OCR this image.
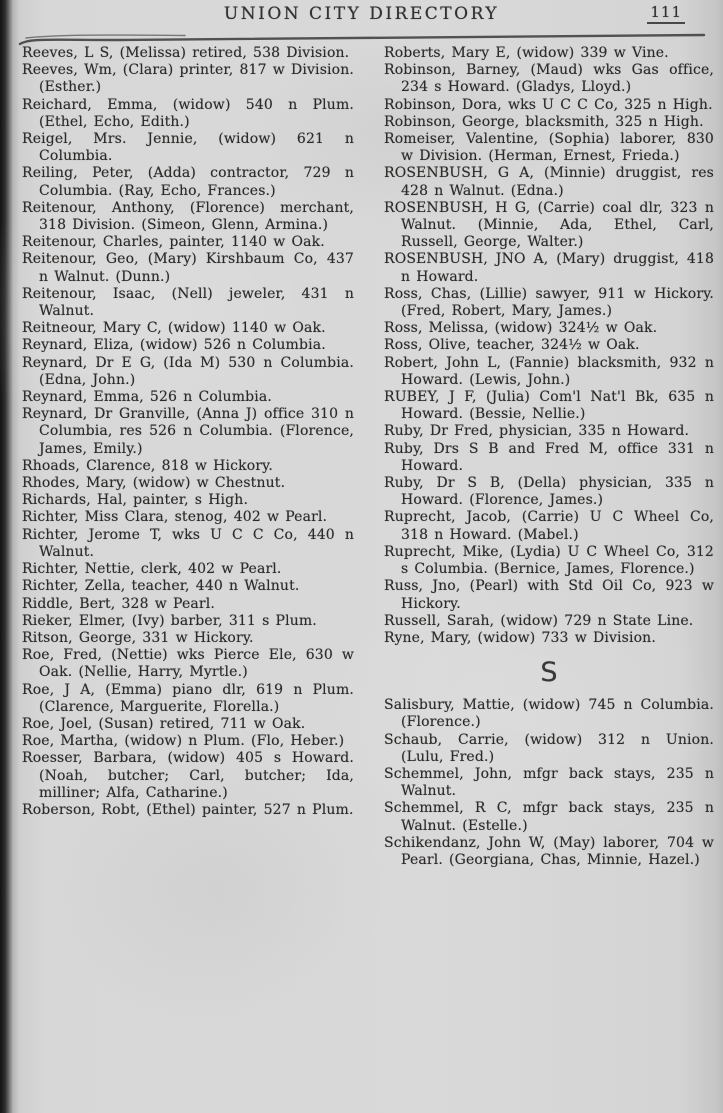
UNION CITY DIRECTORY	111

Reeves, L S, (Melissa) retired, 538 Division.

Reeves, Wm, (Clara) printer, 817 w Division. (Esther.)

Reichard, Emma, (widow) 540 n Plum. (Ethel, Echo, Edith.)

Reigel, Mrs. Jennie, (widow) 621 n Columbia.

Reiling, Peter, (Adda) contractor, 729 n Columbia. (Ray, Echo, Frances.)

Reitenour, Anthony, (Florence) merchant, 318 Division. (Simeon, Glenn, Armina.)

Reitenour, Charles, painter, 1140 w Oak.

Reitenour, Geo, (Mary) Kirshbaum Co, 437 n Walnut. (Dunn.)

Reitenour, Isaac, (Nell) jeweler, 431 n Walnut.

Reitneour, Mary C, (widow) 1140 w Oak.

Reynard, Eliza, (widow) 526 n Columbia.

Reynard, Dr E G, (Ida M) 530 n Columbia. (Edna, John.)

Reynard, Emma, 526 n Columbia.

Reynard, Dr Granville, (Anna J) office 310 n Columbia, res 526 n Columbia. (Florence, James, Emily.)

Rhoads, Clarence, 818 w Hickory.

Rhodes, Mary, (widow) w Chestnut.

Richards, Hal, painter, s High.

Richter, Miss Clara, stenog, 402 w Pearl.

Richter, Jerome T, wks U C C Co, 440 n Walnut.

Richter, Nettie, clerk, 402 w Pearl.

Richter, Zella, teacher, 440 n Walnut.

Riddle, Bert, 328 w Pearl.

Rieker, Elmer, (Ivy) barber, 311 s Plum.

Ritson, George, 331 w Hickory.

Roe, Fred, (Nettie) wks Pierce Ele, 630 w Oak. (Nellie, Harry, Myrtle.)

Roe, J A, (Emma) piano dlr, 619 n Plum. (Clarence, Marguerite, Florella.)

Roe, Joel, (Susan) retired, 711 w Oak.

Roe, Martha, (widow) n Plum. (Flo, Heber.)

Roesser, Barbara, (widow) 405 s Howard. (Noah, butcher; Carl, butcher; Ida, milliner; Alfa, Catharine.)

Roberson, Robt, (Ethel) painter, 527 n Plum.

Roberts, Mary E, (widow) 339 w Vine.

Robinson, Barney, (Maud) wks Gas office, 234 s Howard. (Gladys, Lloyd.)

Robinson, Dora, wks U C C Co, 325 n High.

Robinson, George, blacksmith, 325 n High.

Romeiser, Valentine, (Sophia) laborer, 830 w Division. (Herman, Ernest, Frieda.)

ROSENBUSH, G A, (Minnie) druggist, res 428 n Walnut. (Edna.)

ROSENBUSH, H G, (Carrie) coal dlr, 323 n Walnut. (Minnie, Ada, Ethel, Carl, Russell, George, Walter.)

ROSENBUSH, JNO A, (Mary) druggist, 418 n Howard.

Ross, Chas, (Lillie) sawyer, 911 w Hickory. (Fred, Robert, Mary, James.)

Ross, Melissa, (widow) 324½ w Oak.

Ross, Olive, teacher, 324½ w Oak.

Robert, John L, (Fannie) blacksmith, 932 n Howard. (Lewis, John.)

RUBEY, J F, (Julia) Com'l Nat'l Bk, 635 n Howard. (Bessie, Nellie.)

Ruby, Dr Fred, physician, 335 n Howard.

Ruby, Drs S B and Fred M, office 331 n Howard.

Ruby, Dr S B, (Della) physician, 335 n Howard. (Florence, James.)

Ruprecht, Jacob, (Carrie) U C Wheel Co, 318 n Howard. (Mabel.)

Ruprecht, Mike, (Lydia) U C Wheel Co, 312 s Columbia. (Bernice, James, Florence.)

Russ, Jno, (Pearl) with Std Oil Co, 923 w Hickory.

Russell, Sarah, (widow) 729 n State Line.

Ryne, Mary, (widow) 733 w Division.

S

Salisbury, Mattie, (widow) 745 n Columbia. (Florence.)

Schaub, Carrie, (widow) 312 n Union. (Lulu, Fred.)

Schemmel, John, mfgr back stays, 235 n Walnut.

Schemmel, R C, mfgr back stays, 235 n Walnut. (Estelle.)

Schikendanz, John W, (May) laborer, 704 w Pearl. (Georgiana, Chas, Minnie, Hazel.)
